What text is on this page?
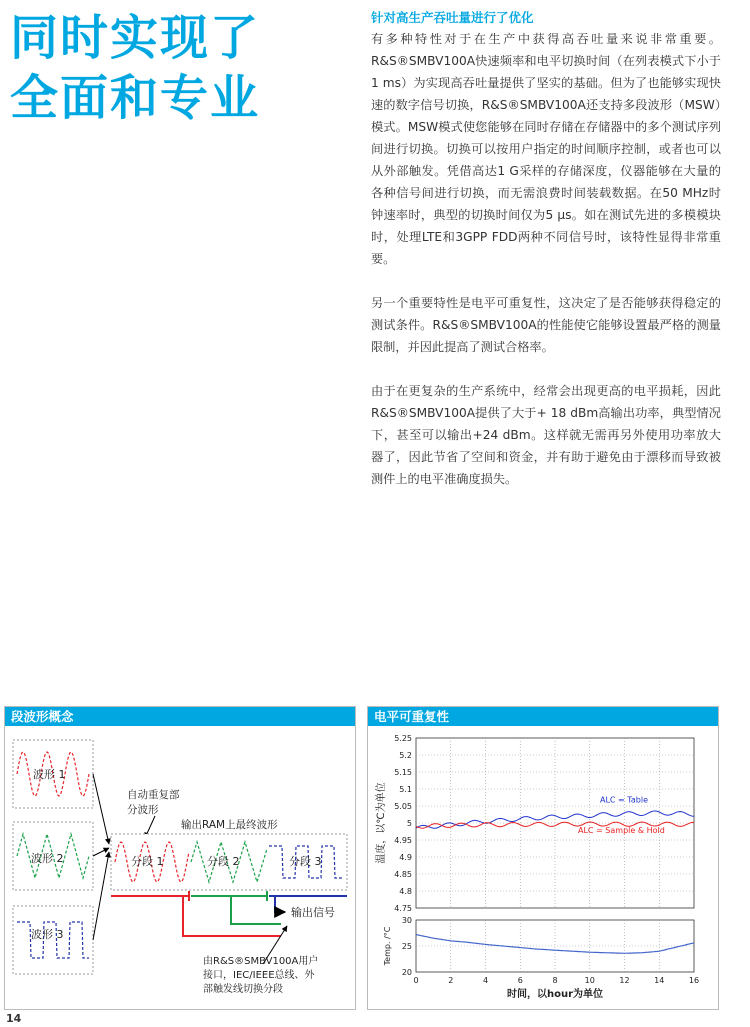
同时实现了
全面和专业
针对高生产吞吐量进行了优化

有多种特性对于在生产中获得高吞吐量来说非常重要。R&S®SMBV100A快速频率和电平切换时间（在列表模式下小于1 ms）为实现高吞吐量提供了坚实的基础。但为了也能够实现快速的数字信号切换，R&S®SMBV100A还支持多段波形（MSW）模式。MSW模式使您能够在同时存储在存储器中的多个测试序列间进行切换。切换可以按用户指定的时间顺序控制，或者也可以从外部触发。凭借高达1 G采样的存储深度，仪器能够在大量的各种信号间进行切换，而无需浪费时间装载数据。在50 MHz时钟速率时，典型的切换时间仅为5 µs。如在测试先进的多模模块时，处理LTE和3GPP FDD两种不同信号时，该特性显得非常重要。

另一个重要特性是电平可重复性，这决定了是否能够获得稳定的测试条件。R&S®SMBV100A的性能使它能够设置最严格的测量限制，并因此提高了测试合格率。

由于在更复杂的生产系统中，经常会出现更高的电平损耗，因此R&S®SMBV100A提供了大于+ 18 dBm高输出功率，典型情况下，甚至可以输出+24 dBm。这样就无需再另外使用功率放大器了，因此节省了空间和资金，并有助于避免由于漂移而导致被测件上的电平准确度损失。

段波形概念
波形 1
波形 2
波形 3
自动重复部
分波形
输出RAM上最终波形
分段 1	分段 2	分段 3
输出信号
由R&S®SMBV100A用户
接口，IEC/IEEE总线、外
部触发线切换分段
电平可重复性
4.75
4.8
4.85
4.9
4.95
5
5.05
5.1
5.15
5.2
5.25
温度，以℃为单位	ALC = Table
ALC = Sample & Hold
20
25
30
Temp. /°C
0	2	4	6	8	10	12	14	16
时间，以hour为单位
14
